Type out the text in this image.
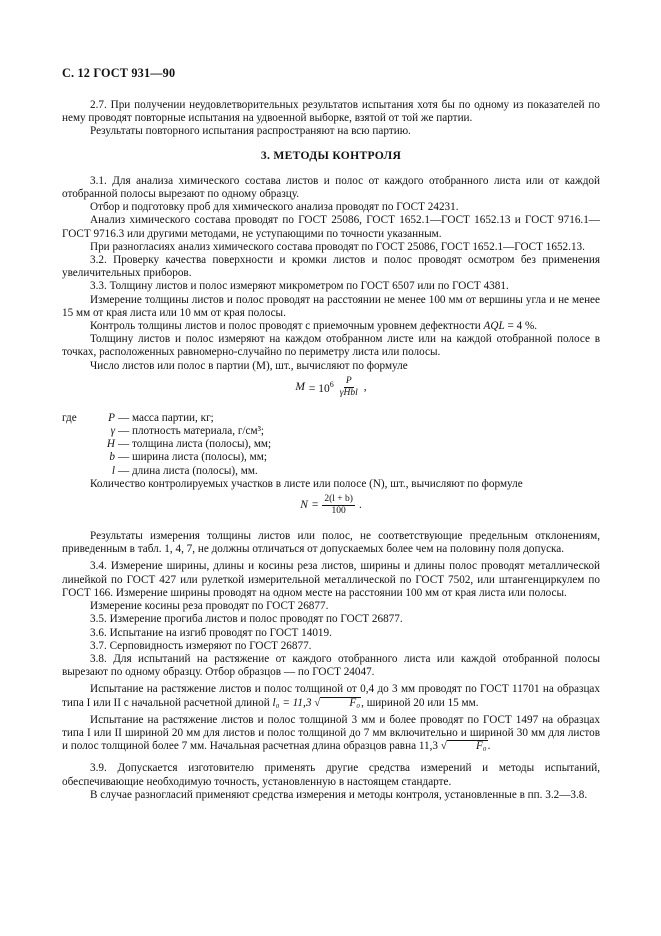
С. 12 ГОСТ 931—90

2.7. При получении неудовлетворительных результатов испытания хотя бы по одному из показателей по нему проводят повторные испытания на удвоенной выборке, взятой от той же партии.

Результаты повторного испытания распространяют на всю партию.

3. МЕТОДЫ КОНТРОЛЯ

3.1. Для анализа химического состава листов и полос от каждого отобранного листа или от каждой отобранной полосы вырезают по одному образцу.

Отбор и подготовку проб для химического анализа проводят по ГОСТ 24231.

Анализ химического состава проводят по ГОСТ 25086, ГОСТ 1652.1—ГОСТ 1652.13 и ГОСТ 9716.1—ГОСТ 9716.3 или другими методами, не уступающими по точности указанным.

При разногласиях анализ химического состава проводят по ГОСТ 25086, ГОСТ 1652.1—ГОСТ 1652.13.

3.2. Проверку качества поверхности и кромки листов и полос проводят осмотром без применения увеличительных приборов.

3.3. Толщину листов и полос измеряют микрометром по ГОСТ 6507 или по ГОСТ 4381.

Измерение толщины листов и полос проводят на расстоянии не менее 100 мм от вершины угла и не менее 15 мм от края листа или 10 мм от края полосы.

Контроль толщины листов и полос проводят с приемочным уровнем дефектности AQL = 4 %.

Толщину листов и полос измеряют на каждом отобранном листе или на каждой отобранной полосе в точках, расположенных равномерно-случайно по периметру листа или полосы.

Число листов или полос в партии (M), шт., вычисляют по формуле

$M = 10^6 \frac{P}{\text{γHbl}}$ ,
где	P — масса партии, кг;
γ — плотность материала, г/см³;
H — толщина листа (полосы), мм;
b — ширина листа (полосы), мм;
l — длина листа (полосы), мм.

Количество контролируемых участков в листе или полосе (N), шт., вычисляют по формуле

$N = \frac{2(l + b)}{100}$ .

Результаты измерения толщины листов или полос, не соответствующие предельным отклонениям, приведенным в табл. 1, 4, 7, не должны отличаться от допускаемых более чем на половину поля допуска.

3.4. Измерение ширины, длины и косины реза листов, ширины и длины полос проводят металлической линейкой по ГОСТ 427 или рулеткой измерительной металлической по ГОСТ 7502, или штангенциркулем по ГОСТ 166. Измерение ширины проводят на одном месте на расстоянии 100 мм от края листа или полосы.

Измерение косины реза проводят по ГОСТ 26877.

3.5. Измерение прогиба листов и полос проводят по ГОСТ 26877.

3.6. Испытание на изгиб проводят по ГОСТ 14019.

3.7. Серповидность измеряют по ГОСТ 26877.

3.8. Для испытаний на растяжение от каждого отобранного листа или каждой отобранной полосы вырезают по одному образцу. Отбор образцов — по ГОСТ 24047.

Испытание на растяжение листов и полос толщиной от 0,4 до 3 мм проводят по ГОСТ 11701 на образцах типа I или II с начальной расчетной длиной l₀ = 11,3 √	F₀, шириной 20 или 15 мм.

Испытание на растяжение листов и полос толщиной 3 мм и более проводят по ГОСТ 1497 на образцах типа I или II шириной 20 мм для листов и полос толщиной до 7 мм включительно и шириной 30 мм для листов и полос толщиной более 7 мм. Начальная расчетная длина образцов равна 11,3 √	F₀.

3.9. Допускается изготовителю применять другие средства измерений и методы испытаний, обеспечивающие необходимую точность, установленную в настоящем стандарте.

В случае разногласий применяют средства измерения и методы контроля, установленные в пп. 3.2—3.8.
